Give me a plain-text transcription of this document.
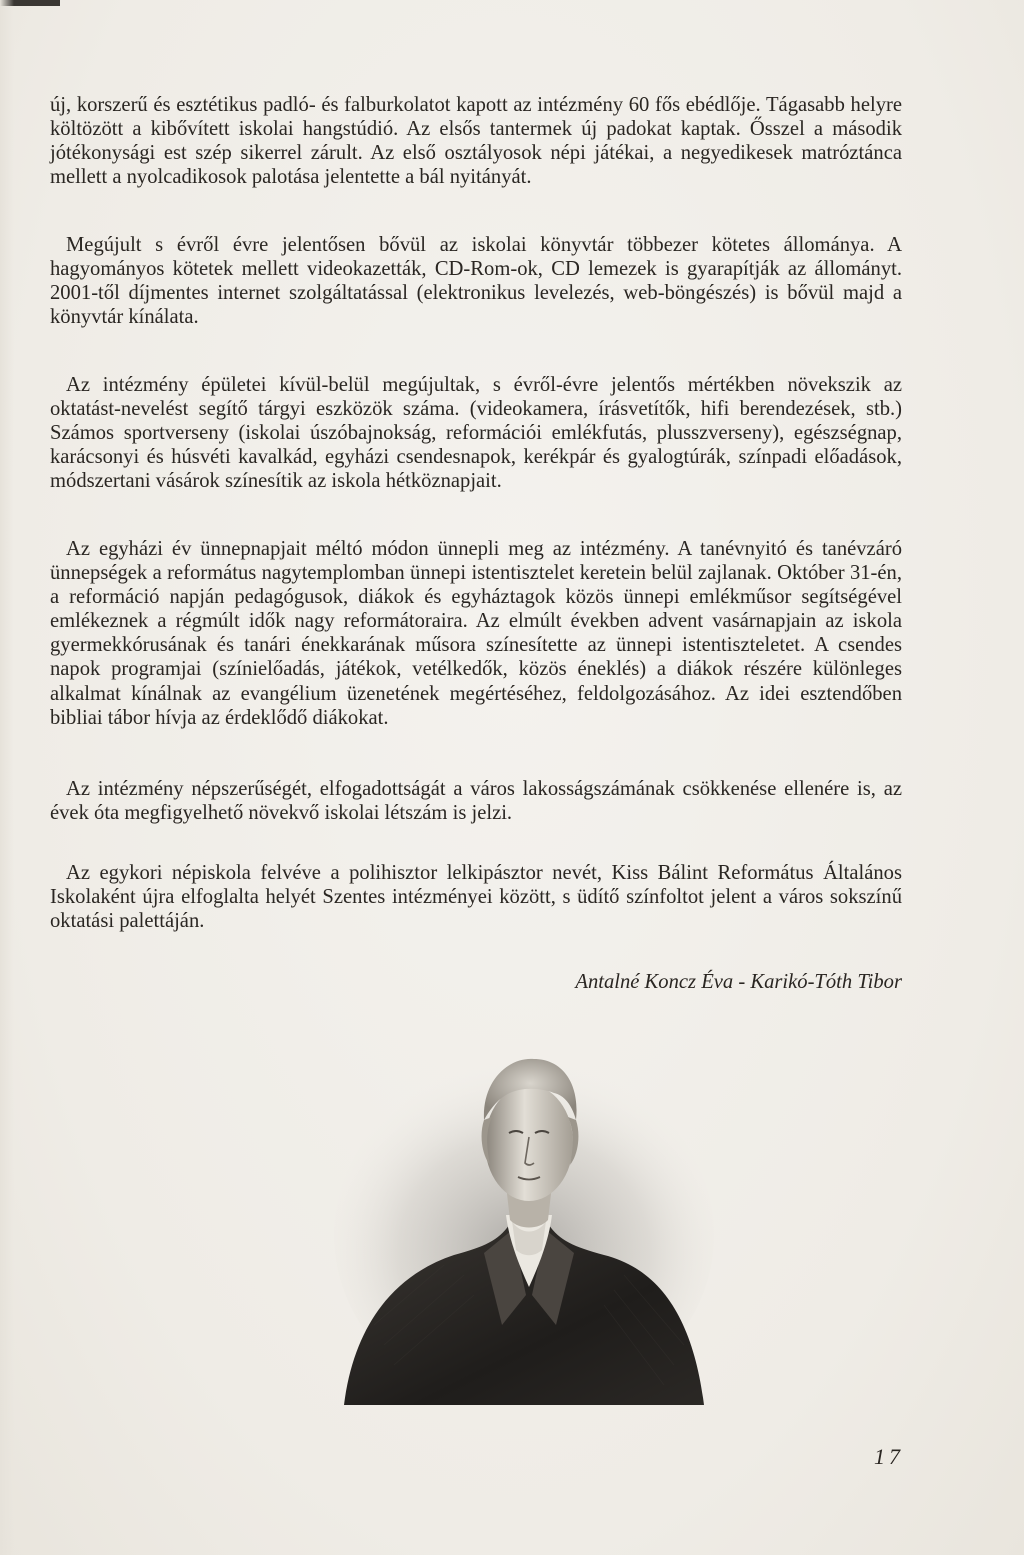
új, korszerű és esztétikus padló- és falburkolatot kapott az intézmény 60 fős ebédlője. Tágasabb helyre költözött a kibővített iskolai hangstúdió. Az elsős tantermek új padokat kaptak. Ősszel a második jótékonysági est szép sikerrel zárult. Az első osztályosok népi játékai, a negyedikesek matróztánca mellett a nyolcadikosok palotása jelentette a bál nyitányát.

Megújult s évről évre jelentősen bővül az iskolai könyvtár többezer kötetes állománya. A hagyományos kötetek mellett videokazetták, CD-Rom-ok, CD lemezek is gyarapítják az állományt. 2001-től díjmentes internet szolgáltatással (elektronikus levelezés, web-böngészés) is bővül majd a könyvtár kínálata.

Az intézmény épületei kívül-belül megújultak, s évről-évre jelentős mértékben növekszik az oktatást-nevelést segítő tárgyi eszközök száma. (videokamera, írásvetítők, hifi berendezések, stb.) Számos sportverseny (iskolai úszóbajnokság, reformációi emlékfutás, plusszverseny), egészségnap, karácsonyi és húsvéti kavalkád, egyházi csendesnapok, kerékpár és gyalogtúrák, színpadi előadások, módszertani vásárok színesítik az iskola hétköznapjait.

Az egyházi év ünnepnapjait méltó módon ünnepli meg az intézmény. A tanévnyitó és tanévzáró ünnepségek a református nagytemplomban ünnepi istentisztelet keretein belül zajlanak. Október 31-én, a reformáció napján pedagógusok, diákok és egyháztagok közös ünnepi emlékműsor segítségével emlékeznek a régmúlt idők nagy reformátoraira. Az elmúlt években advent vasárnapjain az iskola gyermekkórusának és tanári énekkarának műsora színesítette az ünnepi istentiszteletet. A csendes napok programjai (színielőadás, játékok, vetélkedők, közös éneklés) a diákok részére különleges alkalmat kínálnak az evangélium üzenetének megértéséhez, feldolgozásához. Az idei esztendőben bibliai tábor hívja az érdeklődő diákokat.

Az intézmény népszerűségét, elfogadottságát a város lakosságszámának csökkenése ellenére is, az évek óta megfigyelhető növekvő iskolai létszám is jelzi.

Az egykori népiskola felvéve a polihisztor lelkipásztor nevét, Kiss Bálint Református Általános Iskolaként újra elfoglalta helyét Szentes intézményei között, s üdítő színfoltot jelent a város sokszínű oktatási palettáján.

Antalné Koncz Éva - Karikó-Tóth Tibor
17
